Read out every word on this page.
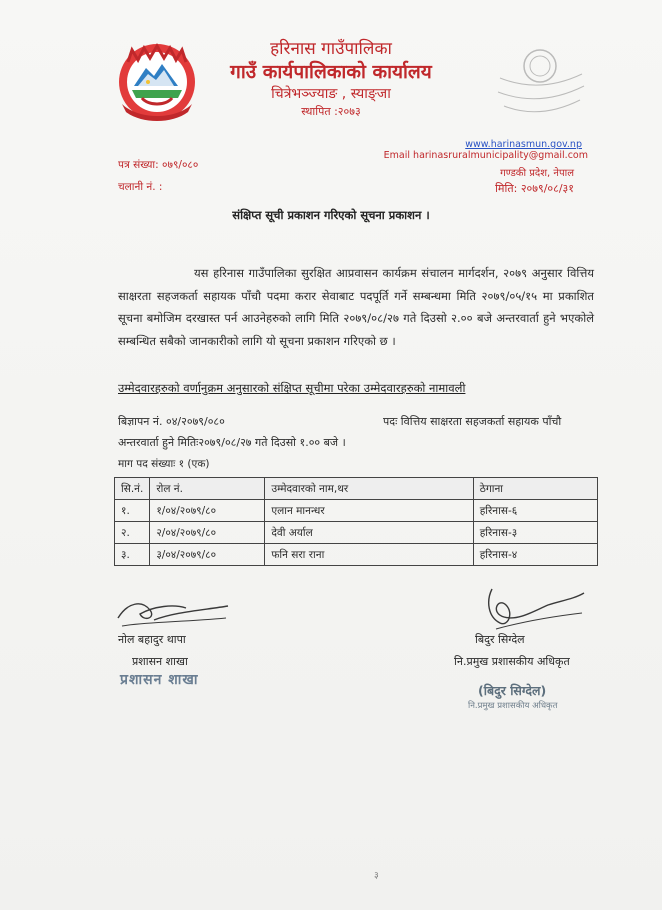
हरिनास गाउँपालिका
गाउँ कार्यपालिकाको कार्यालय
चित्रेभञ्ज्याङ , स्याङ्जा
स्थापित :२०७३
www.harinasmun.gov.np
Email harinasruralmunicipality@gmail.com
गण्डकी प्रदेश, नेपाल
मिति: २०७९/०८/३१
पत्र संख्या: ०७९/०८०
चलानी नं. :
संक्षिप्त सूची प्रकाशन गरिएको सूचना प्रकाशन ।
यस हरिनास गाउँपालिका सुरक्षित आप्रवासन कार्यक्रम संचालन मार्गदर्शन, २०७९ अनुसार वित्तिय साक्षरता सहजकर्ता सहायक पाँचौ पदमा करार सेवाबाट पदपूर्ति गर्ने सम्बन्धमा मिति २०७९/०५/१५ मा प्रकाशित सूचना बमोजिम दरखास्त पर्न आउनेहरुको लागि मिति २०७९/०८/२७ गते दिउसो २.०० बजे अन्तरवार्ता हुने भएकोले सम्बन्धित सबैको जानकारीको लागि यो सूचना प्रकाशन गरिएको छ ।
उम्मेदवारहरुको वर्णानुक्रम अनुसारको संक्षिप्त सूचीमा परेका उम्मेदवारहरुको नामावली
बिज्ञापन नं. ०४/२०७९/०८०	पदः वित्तिय साक्षरता सहजकर्ता सहायक पाँचौ
अन्तरवार्ता हुने मितिः२०७९/०८/२७ गते दिउसो १.०० बजे ।
माग पद संख्याः १ (एक)
सि.नं.	रोल नं.	उम्मेदवारको नाम,थर	ठेगाना
१.	१/०४/२०७९/८०	एलान मानन्धर	हरिनास-६
२.	२/०४/२०७९/८०	देवी अर्याल	हरिनास-३
३.	३/०४/२०७९/८०	फनि सरा राना	हरिनास-४
नोल बहादुर थापा
प्रशासन शाखा
प्रशासन शाखा
बिदुर सिग्देल
नि.प्रमुख प्रशासकीय अधिकृत
(बिदुर सिग्देल)
नि.प्रमुख प्रशासकीय अधिकृत
३
